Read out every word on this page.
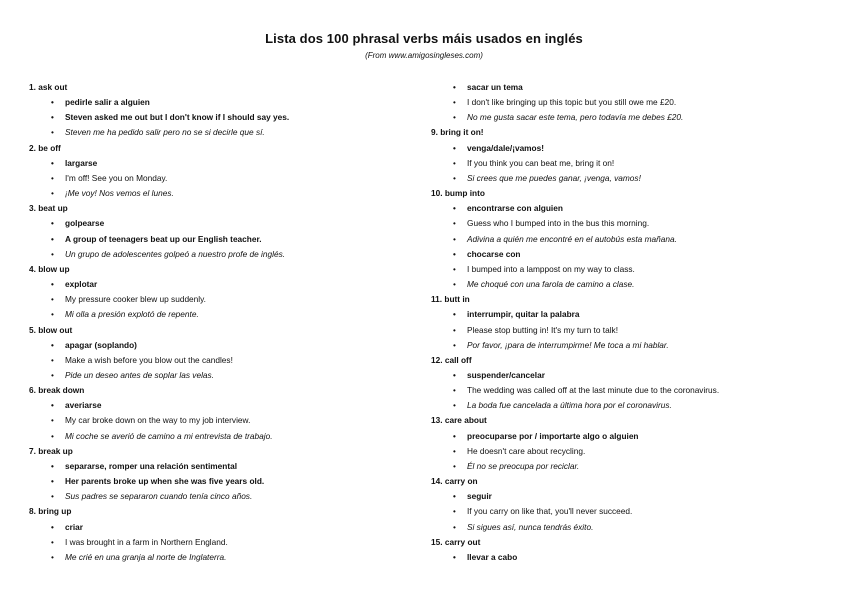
Lista dos 100 phrasal verbs máis usados en inglés
(From www.amigosingleses.com)
1. ask out
• pedirle salir a alguien
• Steven asked me out but I don't know if I should say yes.
• Steven me ha pedido salir pero no se si decirle que sí.
2. be off
• largarse
• I'm off! See you on Monday.
• ¡Me voy! Nos vemos el lunes.
3. beat up
• golpearse
• A group of teenagers beat up our English teacher.
• Un grupo de adolescentes golpeó a nuestro profe de inglés.
4. blow up
• explotar
• My pressure cooker blew up suddenly.
• Mi olla a presión explotó de repente.
5. blow out
• apagar (soplando)
• Make a wish before you blow out the candles!
• Pide un deseo antes de soplar las velas.
6. break down
• averiarse
• My car broke down on the way to my job interview.
• Mi coche se averió de camino a mi entrevista de trabajo.
7. break up
• separarse, romper una relación sentimental
• Her parents broke up when she was five years old.
• Sus padres se separaron cuando tenía cinco años.
8. bring up
• criar
• I was brought in a farm in Northern England.
• Me crié en una granja al norte de Inglaterra.
• sacar un tema
• I don't like bringing up this topic but you still owe me £20.
• No me gusta sacar este tema, pero todavía me debes £20.
9. bring it on!
• venga/dale/¡vamos!
• If you think you can beat me, bring it on!
• Si crees que me puedes ganar, ¡venga, vamos!
10. bump into
• encontrarse con alguien
• Guess who I bumped into in the bus this morning.
• Adivina a quién me encontré en el autobús esta mañana.
• chocarse con
• I bumped into a lamppost on my way to class.
• Me choqué con una farola de camino a clase.
11. butt in
• interrumpir, quitar la palabra
• Please stop butting in! It's my turn to talk!
• Por favor, ¡para de interrumpirme! Me toca a mi hablar.
12. call off
• suspender/cancelar
• The wedding was called off at the last minute due to the coronavirus.
• La boda fue cancelada a última hora por el coronavirus.
13. care about
• preocuparse por / importarte algo o alguien
• He doesn't care about recycling.
• Él no se preocupa por reciclar.
14. carry on
• seguir
• If you carry on like that, you'll never succeed.
• Si sigues así, nunca tendrás éxito.
15. carry out
• llevar a cabo
